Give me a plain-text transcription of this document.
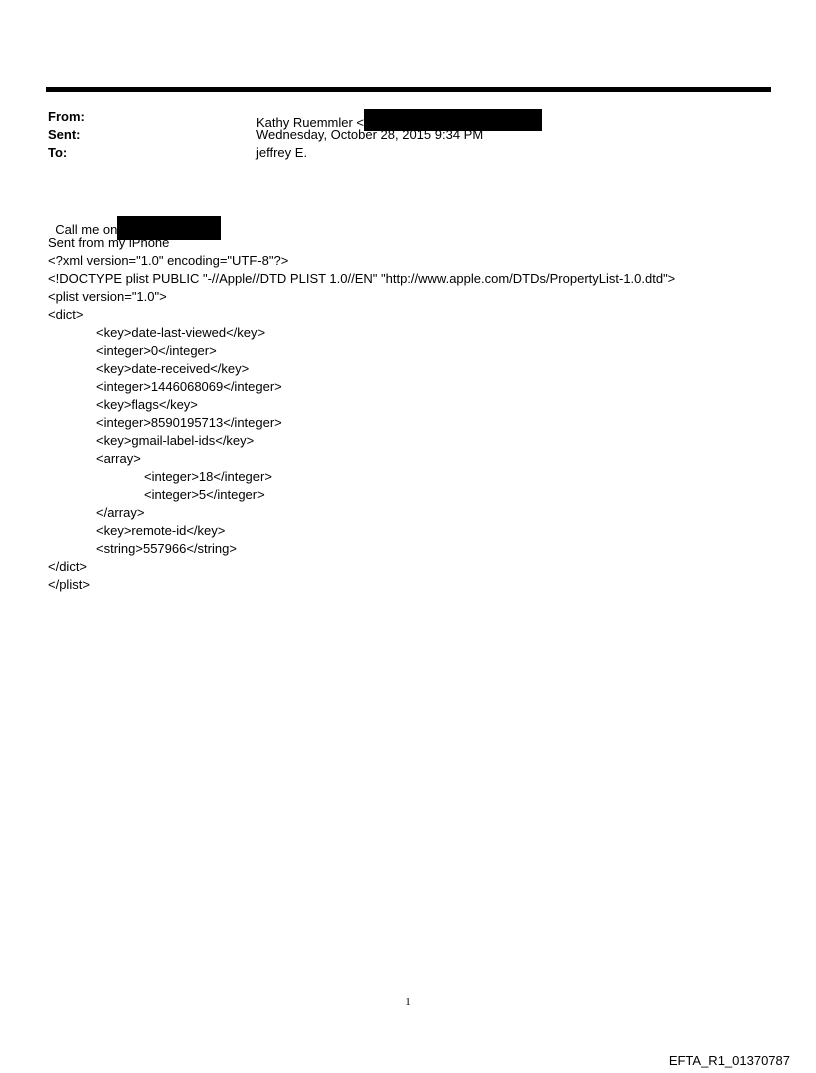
From:	Kathy Ruemmler <
Sent:	Wednesday, October 28, 2015 9:34 PM
To:	jeffrey E.

Call me on

Sent from my iPhone
<?xml version="1.0" encoding="UTF-8"?>
<!DOCTYPE plist PUBLIC "-//Apple//DTD PLIST 1.0//EN" "http://www.apple.com/DTDs/PropertyList-1.0.dtd">
<plist version="1.0">
<dict>
<key>date-last-viewed</key>
<integer>0</integer>
<key>date-received</key>
<integer>1446068069</integer>
<key>flags</key>
<integer>8590195713</integer>
<key>gmail-label-ids</key>
<array>
<integer>18</integer>
<integer>5</integer>
</array>
<key>remote-id</key>
<string>557966</string>
</dict>
</plist>
1
EFTA_R1_01370787
